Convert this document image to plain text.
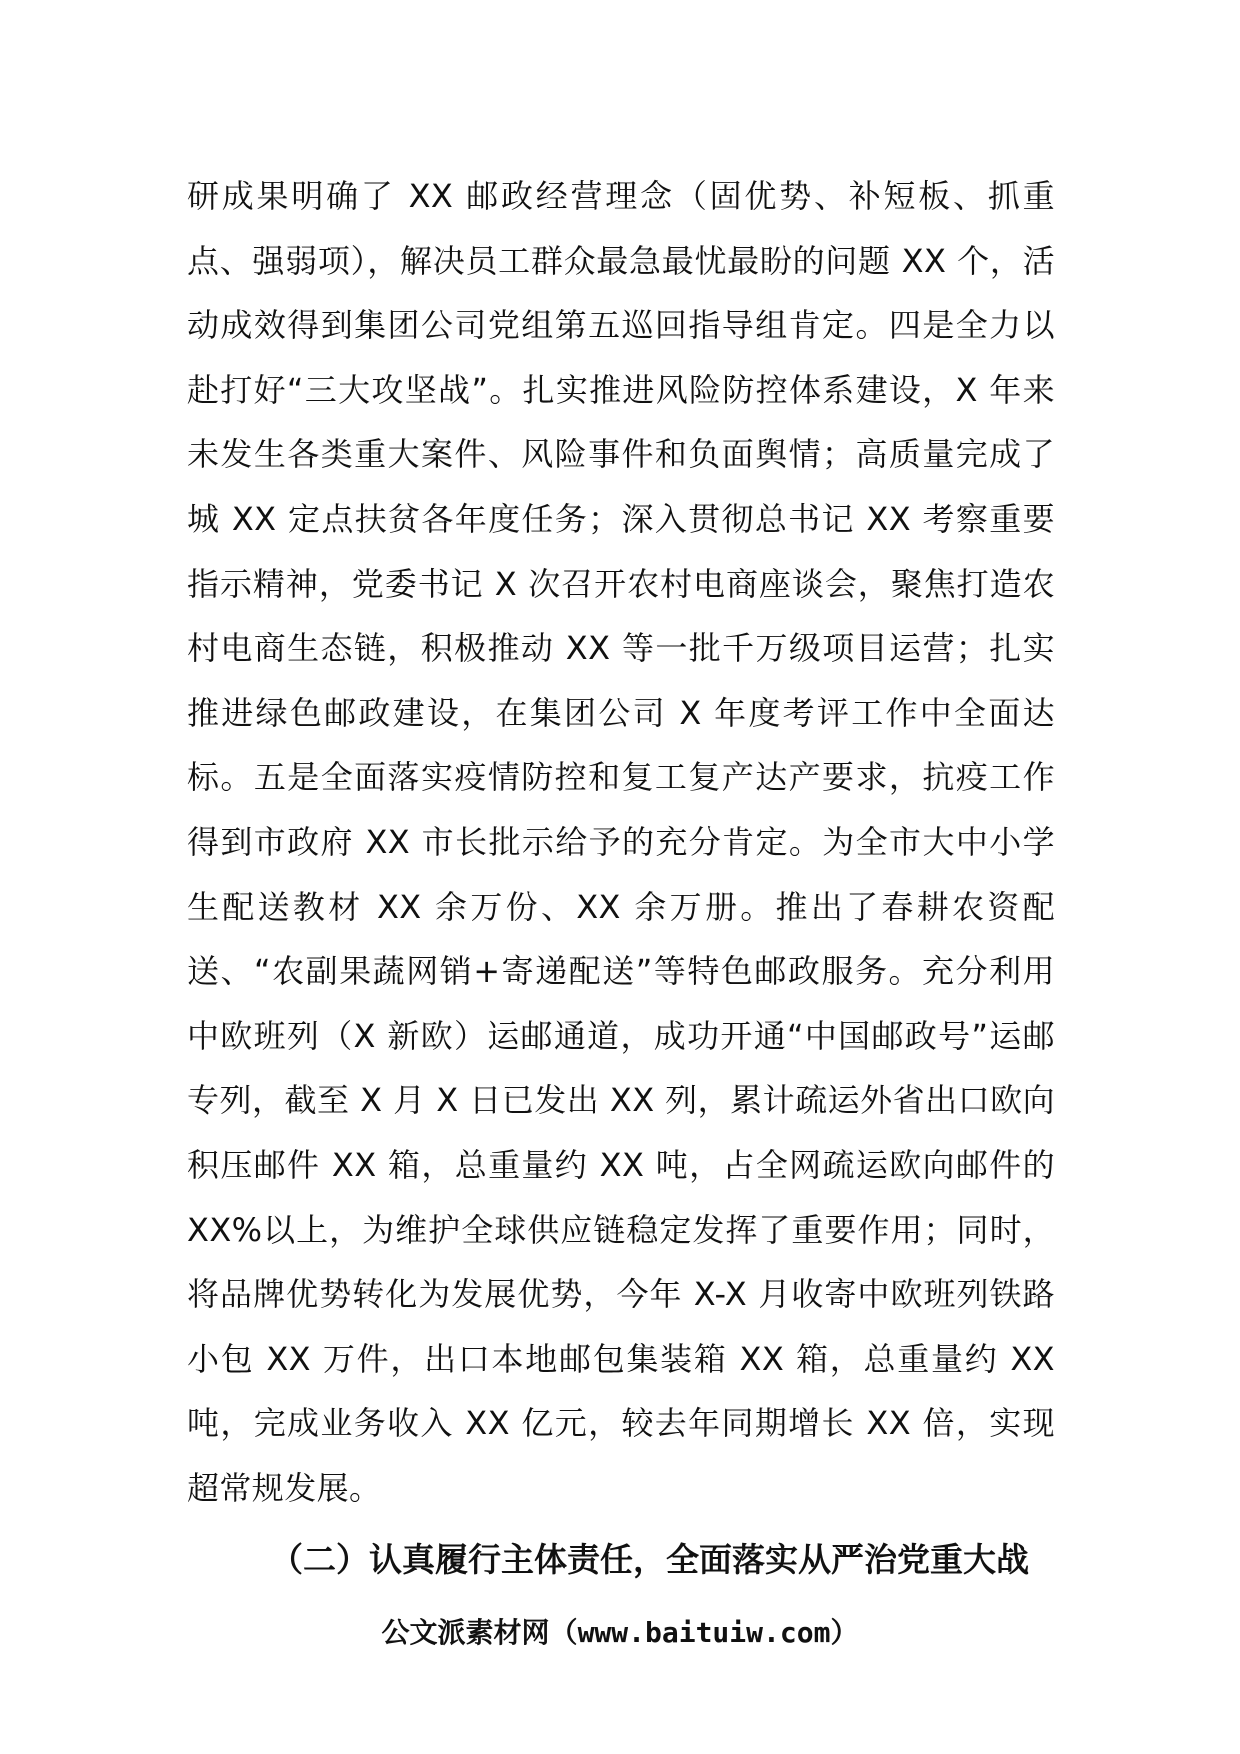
研成果明确了 XX 邮政经营理念（固优势、补短板、抓重点、强弱项），解决员工群众最急最忧最盼的问题 XX 个，活动成效得到集团公司党组第五巡回指导组肯定。四是全力以赴打好“三大攻坚战”。扎实推进风险防控体系建设，X 年来未发生各类重大案件、风险事件和负面舆情；高质量完成了城 XX 定点扶贫各年度任务；深入贯彻总书记 XX 考察重要指示精神，党委书记 X 次召开农村电商座谈会，聚焦打造农村电商生态链，积极推动 XX 等一批千万级项目运营；扎实推进绿色邮政建设，在集团公司 X 年度考评工作中全面达标。五是全面落实疫情防控和复工复产达产要求，抗疫工作得到市政府 XX 市长批示给予的充分肯定。为全市大中小学生配送教材 XX 余万份、XX 余万册。推出了春耕农资配送、“农副果蔬网销+寄递配送”等特色邮政服务。充分利用中欧班列（X 新欧）运邮通道，成功开通“中国邮政号”运邮专列，截至 X 月 X 日已发出 XX 列，累计疏运外省出口欧向积压邮件 XX 箱，总重量约 XX 吨，占全网疏运欧向邮件的 XX%以上，为维护全球供应链稳定发挥了重要作用；同时，将品牌优势转化为发展优势，今年 X-X 月收寄中欧班列铁路小包 XX 万件，出口本地邮包集装箱 XX 箱，总重量约 XX 吨，完成业务收入 XX 亿元，较去年同期增长 XX 倍，实现超常规发展。

（二）认真履行主体责任，全面落实从严治党重大战

公文派素材网（www.baituiw.com）
